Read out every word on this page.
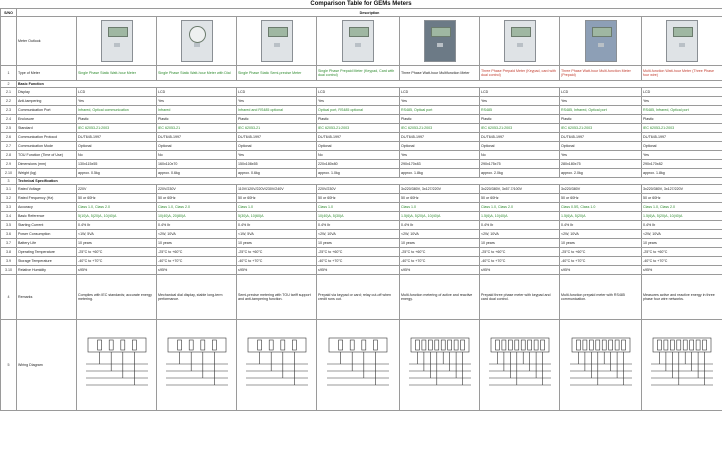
Comparison Table for GEMs Meters
S/NO	Description								
	Meter Outlook	

1	Type of Meter	Single Phase Static Watt-hour Meter	Single Phase Static Watt-hour Meter with Dial	Single Phase Static Semi-precise Meter	Single Phase Prepaid Meter (Keypad, Card with dual control)	Three Phase Watt-hour Multifunction Meter	Three Phase Prepaid Meter (Keypad, card with dual control)	Three Phase Watt-hour Multi-function Meter (Prepaid)	Multi-function Watt-hour Meter (Three Phase four wire)
2	Basic Function								
2.1	Display	LCD	LCD	LCD	LCD	LCD	LCD	LCD	LCD
2.2	Anti-tampering	Yes	Yes	Yes	Yes	Yes	Yes	Yes	Yes
2.3	Communication Port	Infrared, Optical communication	Infrared	Infrared and RS485 optional	Optical port, RS485 optional	RS485, Optical port	RS485	RS485, Infrared, Optical port	RS485, Infrared, Optical port
2.4	Enclosure	Plastic	Plastic	Plastic	Plastic	Plastic	Plastic	Plastic	Plastic
2.5	Standard	IEC 62053-21:2003	IEC 62053-21	IEC 62053-21	IEC 62053-21:2003	IEC 62053-21:2003	IEC 62053-21:2003	IEC 62053-21:2003	IEC 62053-21:2003
2.6	Communication Protocol	DL/T645-1997	DL/T645-1997	DL/T645-1997	DL/T645-1997	DL/T645-1997	DL/T645-1997	DL/T645-1997	DL/T645-1997
2.7	Communication Mode	Optional	Optional	Optional	Optional	Optional	Optional	Optional	Optional
2.8	TOU Function (Time of Use)	No	No	Yes	No	Yes	No	Yes	Yes
2.9	Dimensions (mm)	130x115x55	160x110x70	150x108x55	220x180x80	290x170x83	290x175x75	280x180x75	290x170x82
2.10	Weight (kg)	approx. 0.5kg	approx. 0.6kg	approx. 0.6kg	approx. 1.0kg	approx. 1.8kg	approx. 2.0kg	approx. 2.0kg	approx. 1.8kg
3	Technical Specification								
3.1	Rated Voltage	220V	220V/230V	110V/120V/220V/230V/240V	220V/230V	3x220/380V, 3x127/220V	3x220/380V, 3x57.7/100V	3x220/380V	3x220/380V, 3x127/220V
3.2	Rated Frequency (Hz)	50 or 60Hz	50 or 60Hz	50 or 60Hz	50 or 60Hz	50 or 60Hz	50 or 60Hz	50 or 60Hz	50 or 60Hz
3.3	Accuracy	Class 1.0, Class 2.0	Class 1.0, Class 2.0	Class 1.0	Class 1.0	Class 1.0	Class 1.0, Class 2.0	Class 0.5S, Class 1.0	Class 1.0, Class 2.0
3.4	Basic Reference	5(10)A, 5(20)A, 10(40)A	10(40)A, 20(80)A	5(30)A, 10(60)A	10(40)A, 5(30)A	1.5(6)A, 5(20)A, 10(40)A	1.5(6)A, 10(40)A	1.5(6)A, 5(20)A	1.5(6)A, 5(20)A, 10(40)A
3.5	Starting Current	0.4% Ib	0.4% Ib	0.4% Ib	0.4% Ib	0.4% Ib	0.4% Ib	0.4% Ib	0.4% Ib
3.6	Power Consumption	<1W, 5VA	<2W, 10VA	<1W, 5VA	<2W, 10VA	<2W, 10VA	<2W, 10VA	<2W, 10VA	<2W, 10VA
3.7	Battery Life	10 years	10 years	10 years	10 years	10 years	10 years	10 years	10 years
3.8	Operating Temperature	-25°C to +60°C	-25°C to +60°C	-25°C to +60°C	-25°C to +60°C	-25°C to +60°C	-25°C to +60°C	-25°C to +60°C	-25°C to +60°C
3.9	Storage Temperature	-40°C to +70°C	-40°C to +70°C	-40°C to +70°C	-40°C to +70°C	-40°C to +70°C	-40°C to +70°C	-40°C to +70°C	-40°C to +70°C
3.10	Relative Humidity	≤95%	≤95%	≤95%	≤95%	≤95%	≤95%	≤95%	≤95%
4	Remarks	Complies with IEC standards; accurate energy metering.	Mechanical dial display, stable long-term performance.	Semi-precise metering with TOU tariff support and anti-tampering function.	Prepaid via keypad or card; relay cut-off when credit runs out.	Multi-function metering of active and reactive energy.	Prepaid three phase meter with keypad and card dual control.	Multi-function prepaid meter with RS485 communication.	Measures active and reactive energy in three phase four wire networks.
5	Wiring Diagram	
